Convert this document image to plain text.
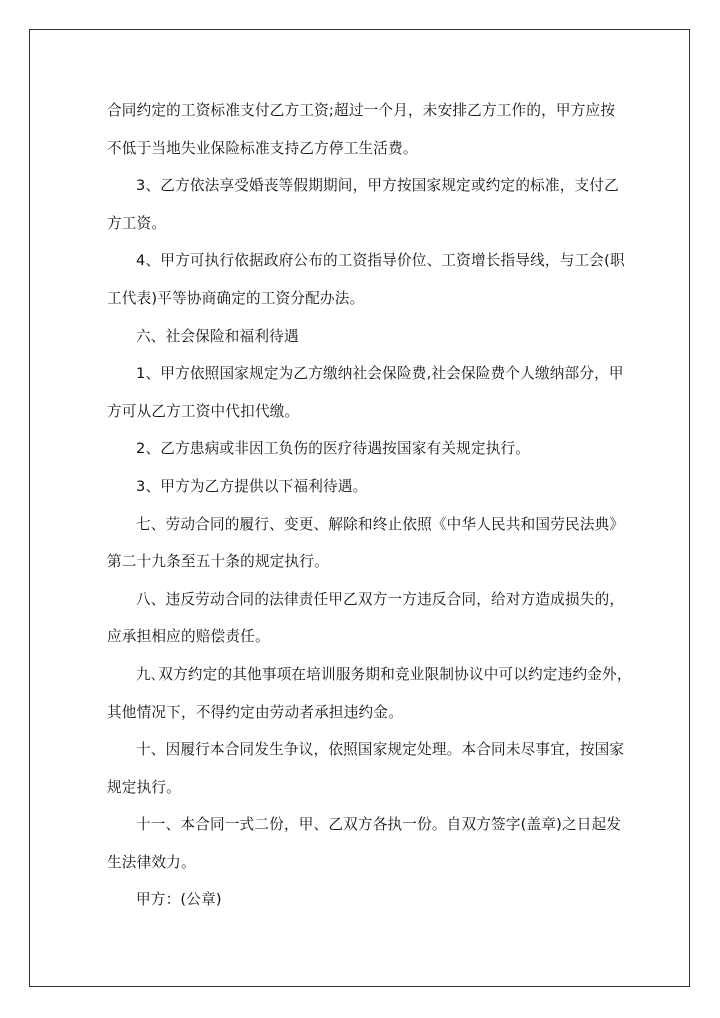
合同约定的工资标准支付乙方工资;超过一个月，未安排乙方工作的，甲方应按
不低于当地失业保险标准支持乙方停工生活费。
3、乙方依法享受婚丧等假期期间，甲方按国家规定或约定的标准，支付乙
方工资。
4、甲方可执行依据政府公布的工资指导价位、工资增长指导线，与工会(职
工代表)平等协商确定的工资分配办法。
六、社会保险和福利待遇
1、甲方依照国家规定为乙方缴纳社会保险费,社会保险费个人缴纳部分，甲
方可从乙方工资中代扣代缴。
2、乙方患病或非因工负伤的医疗待遇按国家有关规定执行。
3、甲方为乙方提供以下福利待遇。
七、劳动合同的履行、变更、解除和终止依照《中华人民共和国劳民法典》
第二十九条至五十条的规定执行。
八、违反劳动合同的法律责任甲乙双方一方违反合同，给对方造成损失的，
应承担相应的赔偿责任。
九､双方约定的其他事项在培训服务期和竞业限制协议中可以约定违约金外，
其他情况下，不得约定由劳动者承担违约金。
十、因履行本合同发生争议，依照国家规定处理。本合同未尽事宜，按国家
规定执行。
十一、本合同一式二份，甲、乙双方各执一份。自双方签字(盖章)之日起发
生法律效力。
甲方：(公章)
